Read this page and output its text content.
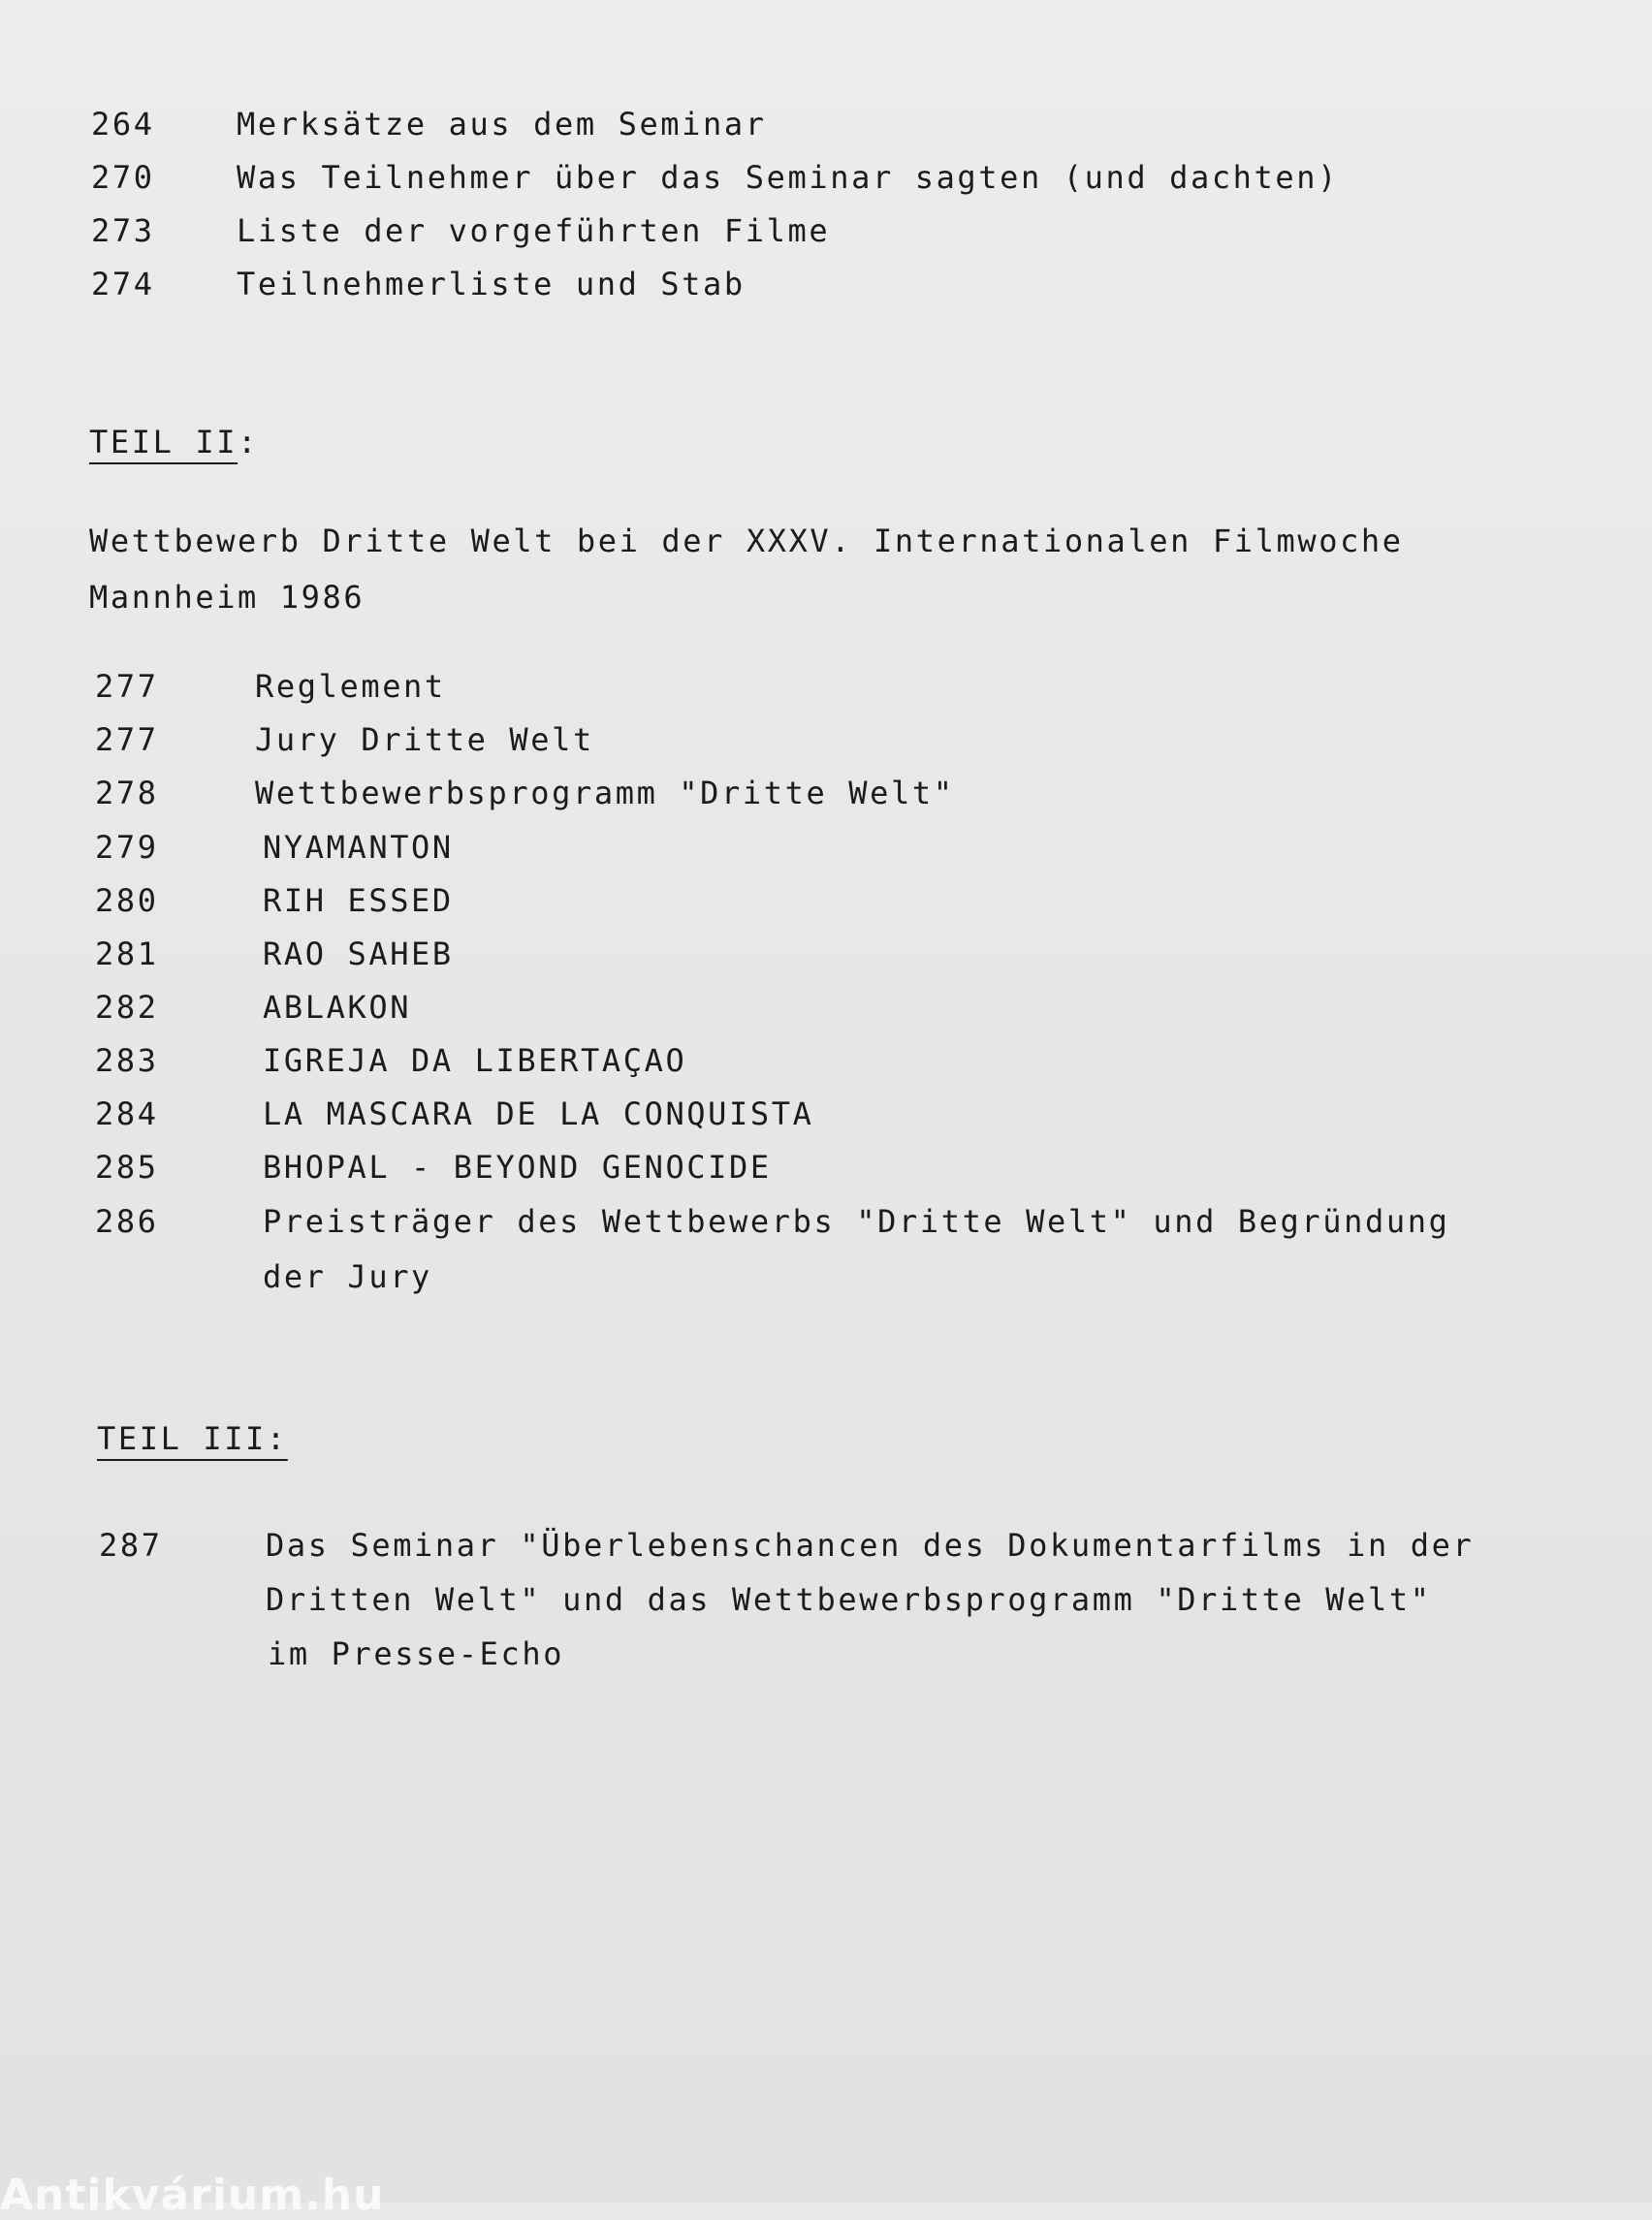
264	Merksätze aus dem Seminar
270	Was Teilnehmer über das Seminar sagten (und dachten)
273	Liste der vorgeführten Filme
274	Teilnehmerliste und Stab
TEIL II:
Wettbewerb Dritte Welt bei der XXXV. Internationalen Filmwoche
Mannheim 1986
277	Reglement
277	Jury Dritte Welt
278	Wettbewerbsprogramm "Dritte Welt"
279	NYAMANTON
280	RIH ESSED
281	RAO SAHEB
282	ABLAKON
283	IGREJA DA LIBERTAÇAO
284	LA MASCARA DE LA CONQUISTA
285	BHOPAL - BEYOND GENOCIDE
286	Preisträger des Wettbewerbs "Dritte Welt" und Begründung
der Jury
TEIL III:
287	Das Seminar "Überlebenschancen des Dokumentarfilms in der
Dritten Welt" und das Wettbewerbsprogramm "Dritte Welt"
im Presse-Echo
Antikvárium.hu
